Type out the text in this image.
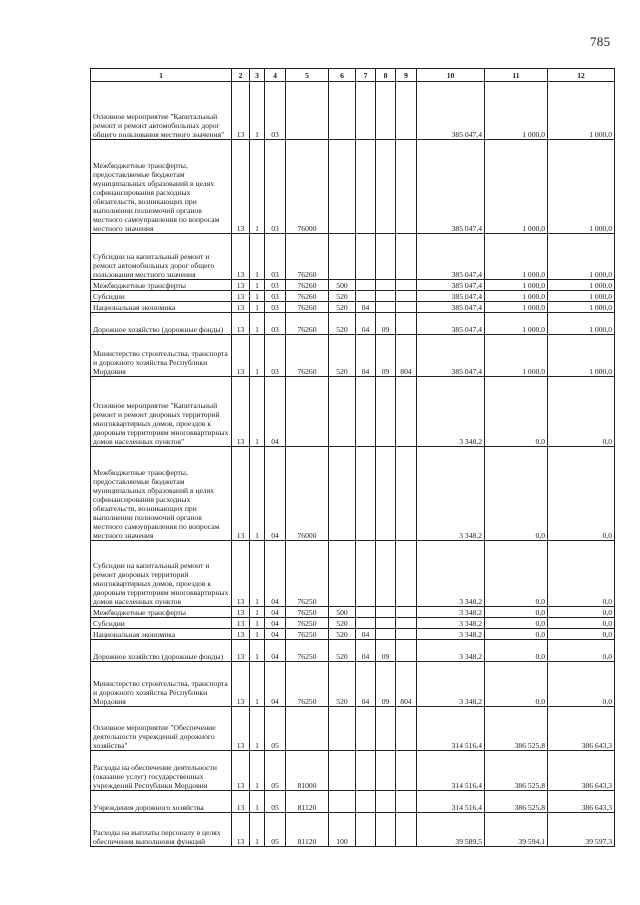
785
1	2	3	4	5	6	7	8	9	10	11	12
Основное мероприятие "Капитальный ремонт и ремонт автомобильных дорог общего пользования местного значения"	13	1	03						385 047,4	1 000,0	1 000,0
Межбюджетные трансферты, предоставляемые бюджетам муниципальных образований в целях софинансирования расходных обязательств, возникающих при выполнении полномочий органов местного самоуправления по вопросам местного значения	13	1	03	76000					385 047,4	1 000,0	1 000,0
Субсидии на капитальный ремонт и ремонт автомобильных дорог общего пользования местного значения	13	1	03	76260					385 047,4	1 000,0	1 000,0
Межбюджетные трансферты	13	1	03	76260	500				385 047,4	1 000,0	1 000,0
Субсидии	13	1	03	76260	520				385 047,4	1 000,0	1 000,0
Национальная экономика	13	1	03	76260	520	04			385 047,4	1 000,0	1 000,0
Дорожное хозяйство (дорожные фонды)	13	1	03	76260	520	04	09		385 047,4	1 000,0	1 000,0
Министерство строительства, транспорта и дорожного хозяйства Республики Мордовия	13	1	03	76260	520	04	09	804	385 047,4	1 000,0	1 000,0
Основное мероприятие "Капитальный ремонт и ремонт дворовых территорий многоквартирных домов, проездов к дворовым территориям многоквартирных домов населенных пунктов"	13	1	04						3 348,2	0,0	0,0
Межбюджетные трансферты, предоставляемые бюджетам муниципальных образований в целях софинансирования расходных обязательств, возникающих при выполнении полномочий органов местного самоуправления по вопросам местного значения	13	1	04	76000					3 348,2	0,0	0,0
Субсидии на капитальный ремонт и ремонт дворовых территорий многоквартирных домов, проездов к дворовым территориям многоквартирных домов населенных пунктов	13	1	04	76250					3 348,2	0,0	0,0
Межбюджетные трансферты	13	1	04	76250	500				3 348,2	0,0	0,0
Субсидии	13	1	04	76250	520				3 348,2	0,0	0,0
Национальная экономика	13	1	04	76250	520	04			3 348,2	0,0	0,0
Дорожное хозяйство (дорожные фонды)	13	1	04	76250	520	04	09		3 348,2	0,0	0,0
Министерство строительства, транспорта и дорожного хозяйства Республики Мордовия	13	1	04	76250	520	04	09	804	3 348,2	0,0	0,0
Основное мероприятие "Обеспечение деятельности учреждений дорожного хозяйства"	13	1	05						314 516,4	386 525,8	386 643,3
Расходы на обеспечение деятельности (оказание услуг) государственных учреждений Республики Мордовия	13	1	05	81000					314 516,4	386 525,8	386 643,3
Учреждения дорожного хозяйства	13	1	05	81120					314 516,4	386 525,8	386 643,3
Расходы на выплаты персоналу в целях обеспечения выполнения функций	13	1	05	81120	100				39 589,5	39 594,1	39 597,3
